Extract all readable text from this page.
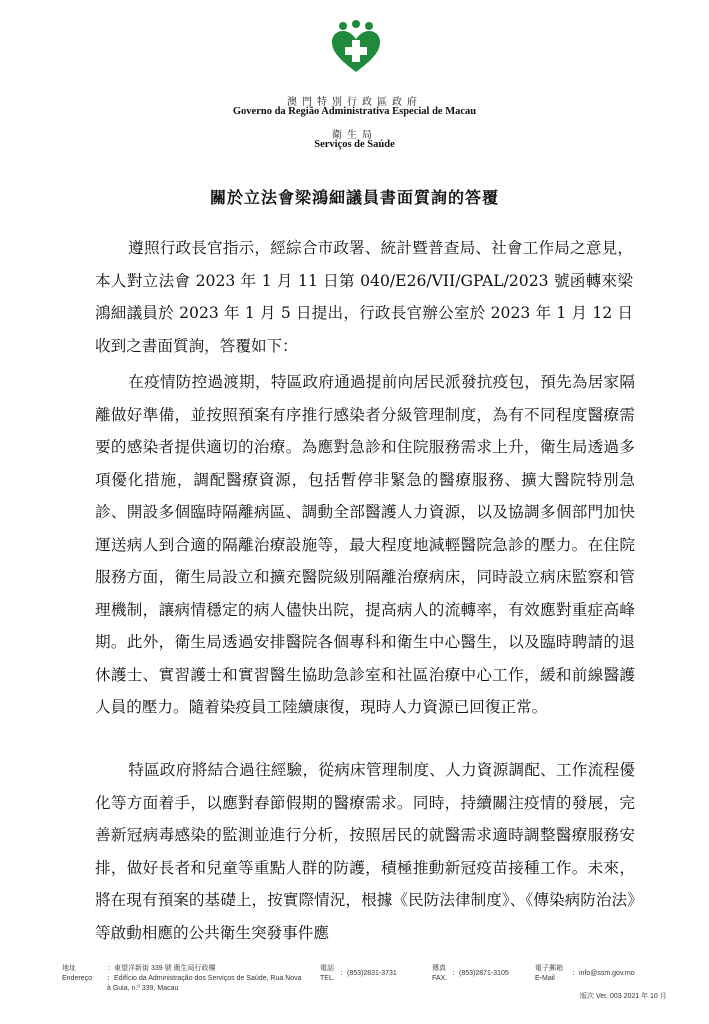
澳門特別行政區政府
Governo da Região Administrativa Especial de Macau
衛生局
Serviços de Saúde
關於立法會梁鴻細議員書面質詢的答覆
遵照行政長官指示，經綜合市政署、統計暨普查局、社會工作局之意見，本人對立法會 2023 年 1 月 11 日第 040/E26/VII/GPAL/2023 號函轉來梁鴻細議員於 2023 年 1 月 5 日提出，行政長官辦公室於 2023 年 1 月 12 日收到之書面質詢，答覆如下：
在疫情防控過渡期，特區政府通過提前向居民派發抗疫包，預先為居家隔離做好準備，並按照預案有序推行感染者分級管理制度，為有不同程度醫療需要的感染者提供適切的治療。為應對急診和住院服務需求上升，衛生局透過多項優化措施，調配醫療資源，包括暫停非緊急的醫療服務、擴大醫院特別急診、開設多個臨時隔離病區、調動全部醫護人力資源，以及協調多個部門加快運送病人到合適的隔離治療設施等，最大程度地減輕醫院急診的壓力。在住院服務方面，衛生局設立和擴充醫院級別隔離治療病床，同時設立病床監察和管理機制，讓病情穩定的病人儘快出院，提高病人的流轉率，有效應對重症高峰期。此外，衛生局透過安排醫院各個專科和衛生中心醫生，以及臨時聘請的退休護士、實習護士和實習醫生協助急診室和社區治療中心工作，緩和前線醫護人員的壓力。隨着染疫員工陸續康復，現時人力資源已回復正常。
特區政府將結合過往經驗，從病床管理制度、人力資源調配、工作流程優化等方面着手，以應對春節假期的醫療需求。同時，持續關注疫情的發展，完善新冠病毒感染的監測並進行分析，按照居民的就醫需求適時調整醫療服務安排，做好長者和兒童等重點人群的防護，積極推動新冠疫苗接種工作。未來，將在現有預案的基礎上，按實際情況，根據《民防法律制度》、《傳染病防治法》等啟動相應的公共衛生突發事件應
地址
Endereço
：東望洋新街 339 號 衛生局行政樓
：Edifício da Administração dos Serviços de Saúde, Rua Nova à Guia, n.º 339, Macau
電話
TEL.
：(853)2831-3731
傳真
FAX.
：(853)2871-3105
電子郵箱
E-Mail
：info@ssm.gov.mo
版次 Ver. 003 2021 年 10 月
